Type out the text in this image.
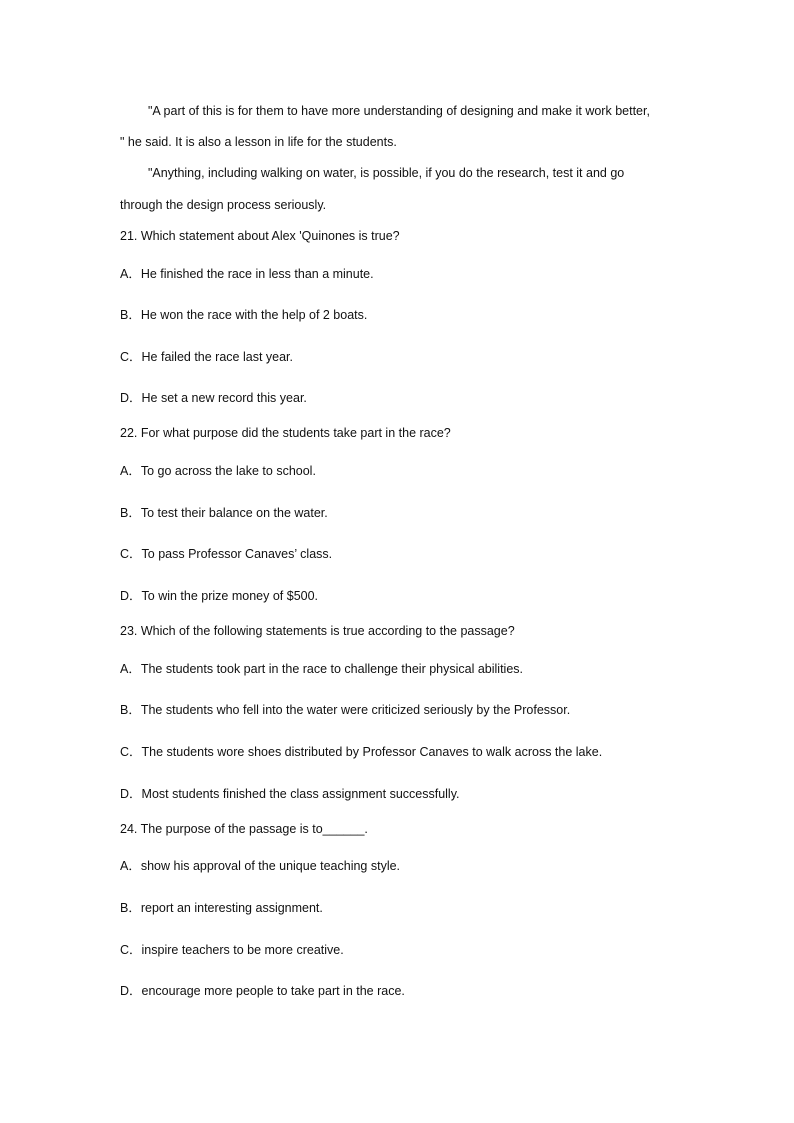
"A part of this is for them to have more understanding of designing and make it work better,
" he said. It is also a lesson in life for the students.
"Anything, including walking on water, is possible, if you do the research, test it and go
through the design process seriously.
21. Which statement about Alex 'Quinones is true?
A．He finished the race in less than a minute.
B．He won the race with the help of 2 boats.
C．He failed the race last year.
D．He set a new record this year.
22. For what purpose did the students take part in the race?
A．To go across the lake to school.
B．To test their balance on the water.
C．To pass Professor Canaves’ class.
D．To win the prize money of $500.
23. Which of the following statements is true according to the passage?
A．The students took part in the race to challenge their physical abilities.
B．The students who fell into the water were criticized seriously by the Professor.
C．The students wore shoes distributed by Professor Canaves to walk across the lake.
D．Most students finished the class assignment successfully.
24. The purpose of the passage is to______.
A．show his approval of the unique teaching style.
B．report an interesting assignment.
C．inspire teachers to be more creative.
D．encourage more people to take part in the race.
